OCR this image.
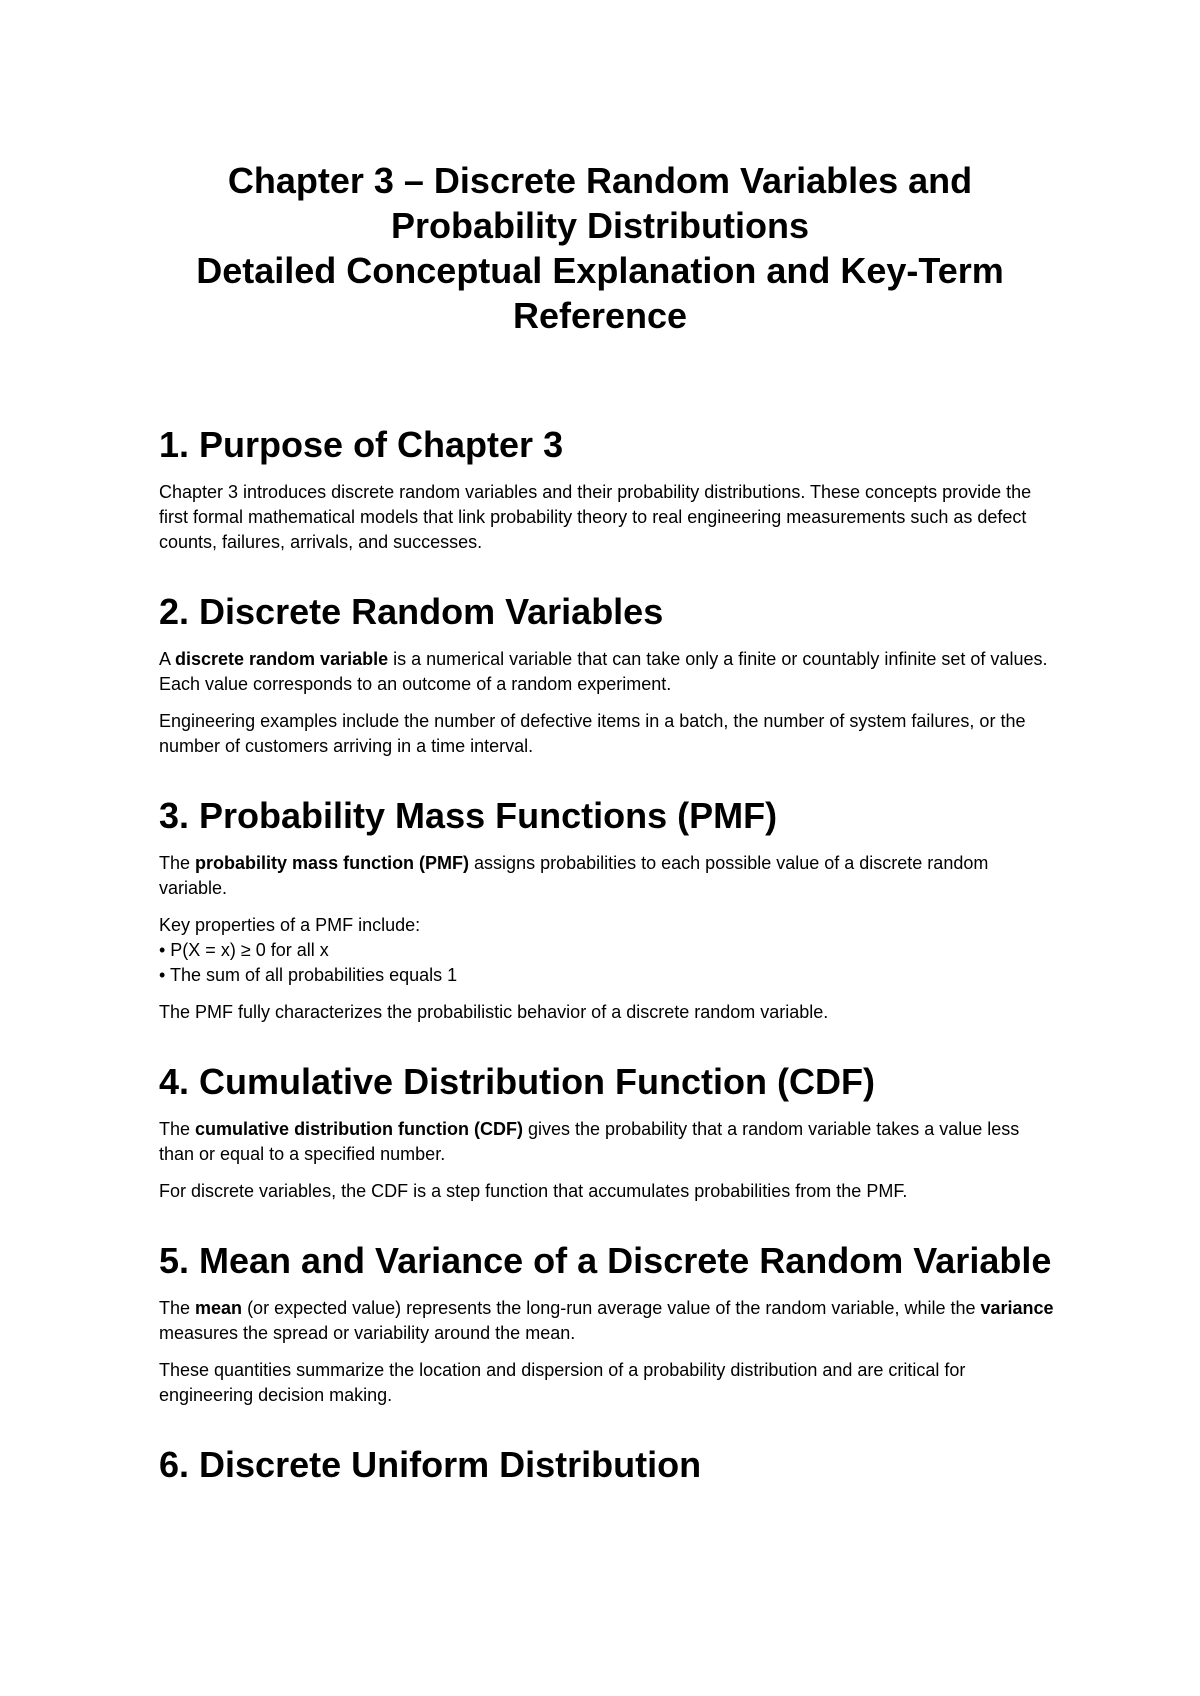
Chapter 3 – Discrete Random Variables and
Probability Distributions
Detailed Conceptual Explanation and Key-Term
Reference
1. Purpose of Chapter 3

Chapter 3 introduces discrete random variables and their probability distributions. These concepts provide the first formal mathematical models that link probability theory to real engineering measurements such as defect counts, failures, arrivals, and successes.

2. Discrete Random Variables

A discrete random variable is a numerical variable that can take only a finite or countably infinite set of values. Each value corresponds to an outcome of a random experiment.

Engineering examples include the number of defective items in a batch, the number of system failures, or the number of customers arriving in a time interval.

3. Probability Mass Functions (PMF)

The probability mass function (PMF) assigns probabilities to each possible value of a discrete random variable.

Key properties of a PMF include:
• P(X = x) ≥ 0 for all x
• The sum of all probabilities equals 1

The PMF fully characterizes the probabilistic behavior of a discrete random variable.

4. Cumulative Distribution Function (CDF)

The cumulative distribution function (CDF) gives the probability that a random variable takes a value less than or equal to a specified number.

For discrete variables, the CDF is a step function that accumulates probabilities from the PMF.

5. Mean and Variance of a Discrete Random Variable

The mean (or expected value) represents the long-run average value of the random variable, while the variance measures the spread or variability around the mean.

These quantities summarize the location and dispersion of a probability distribution and are critical for engineering decision making.

6. Discrete Uniform Distribution
